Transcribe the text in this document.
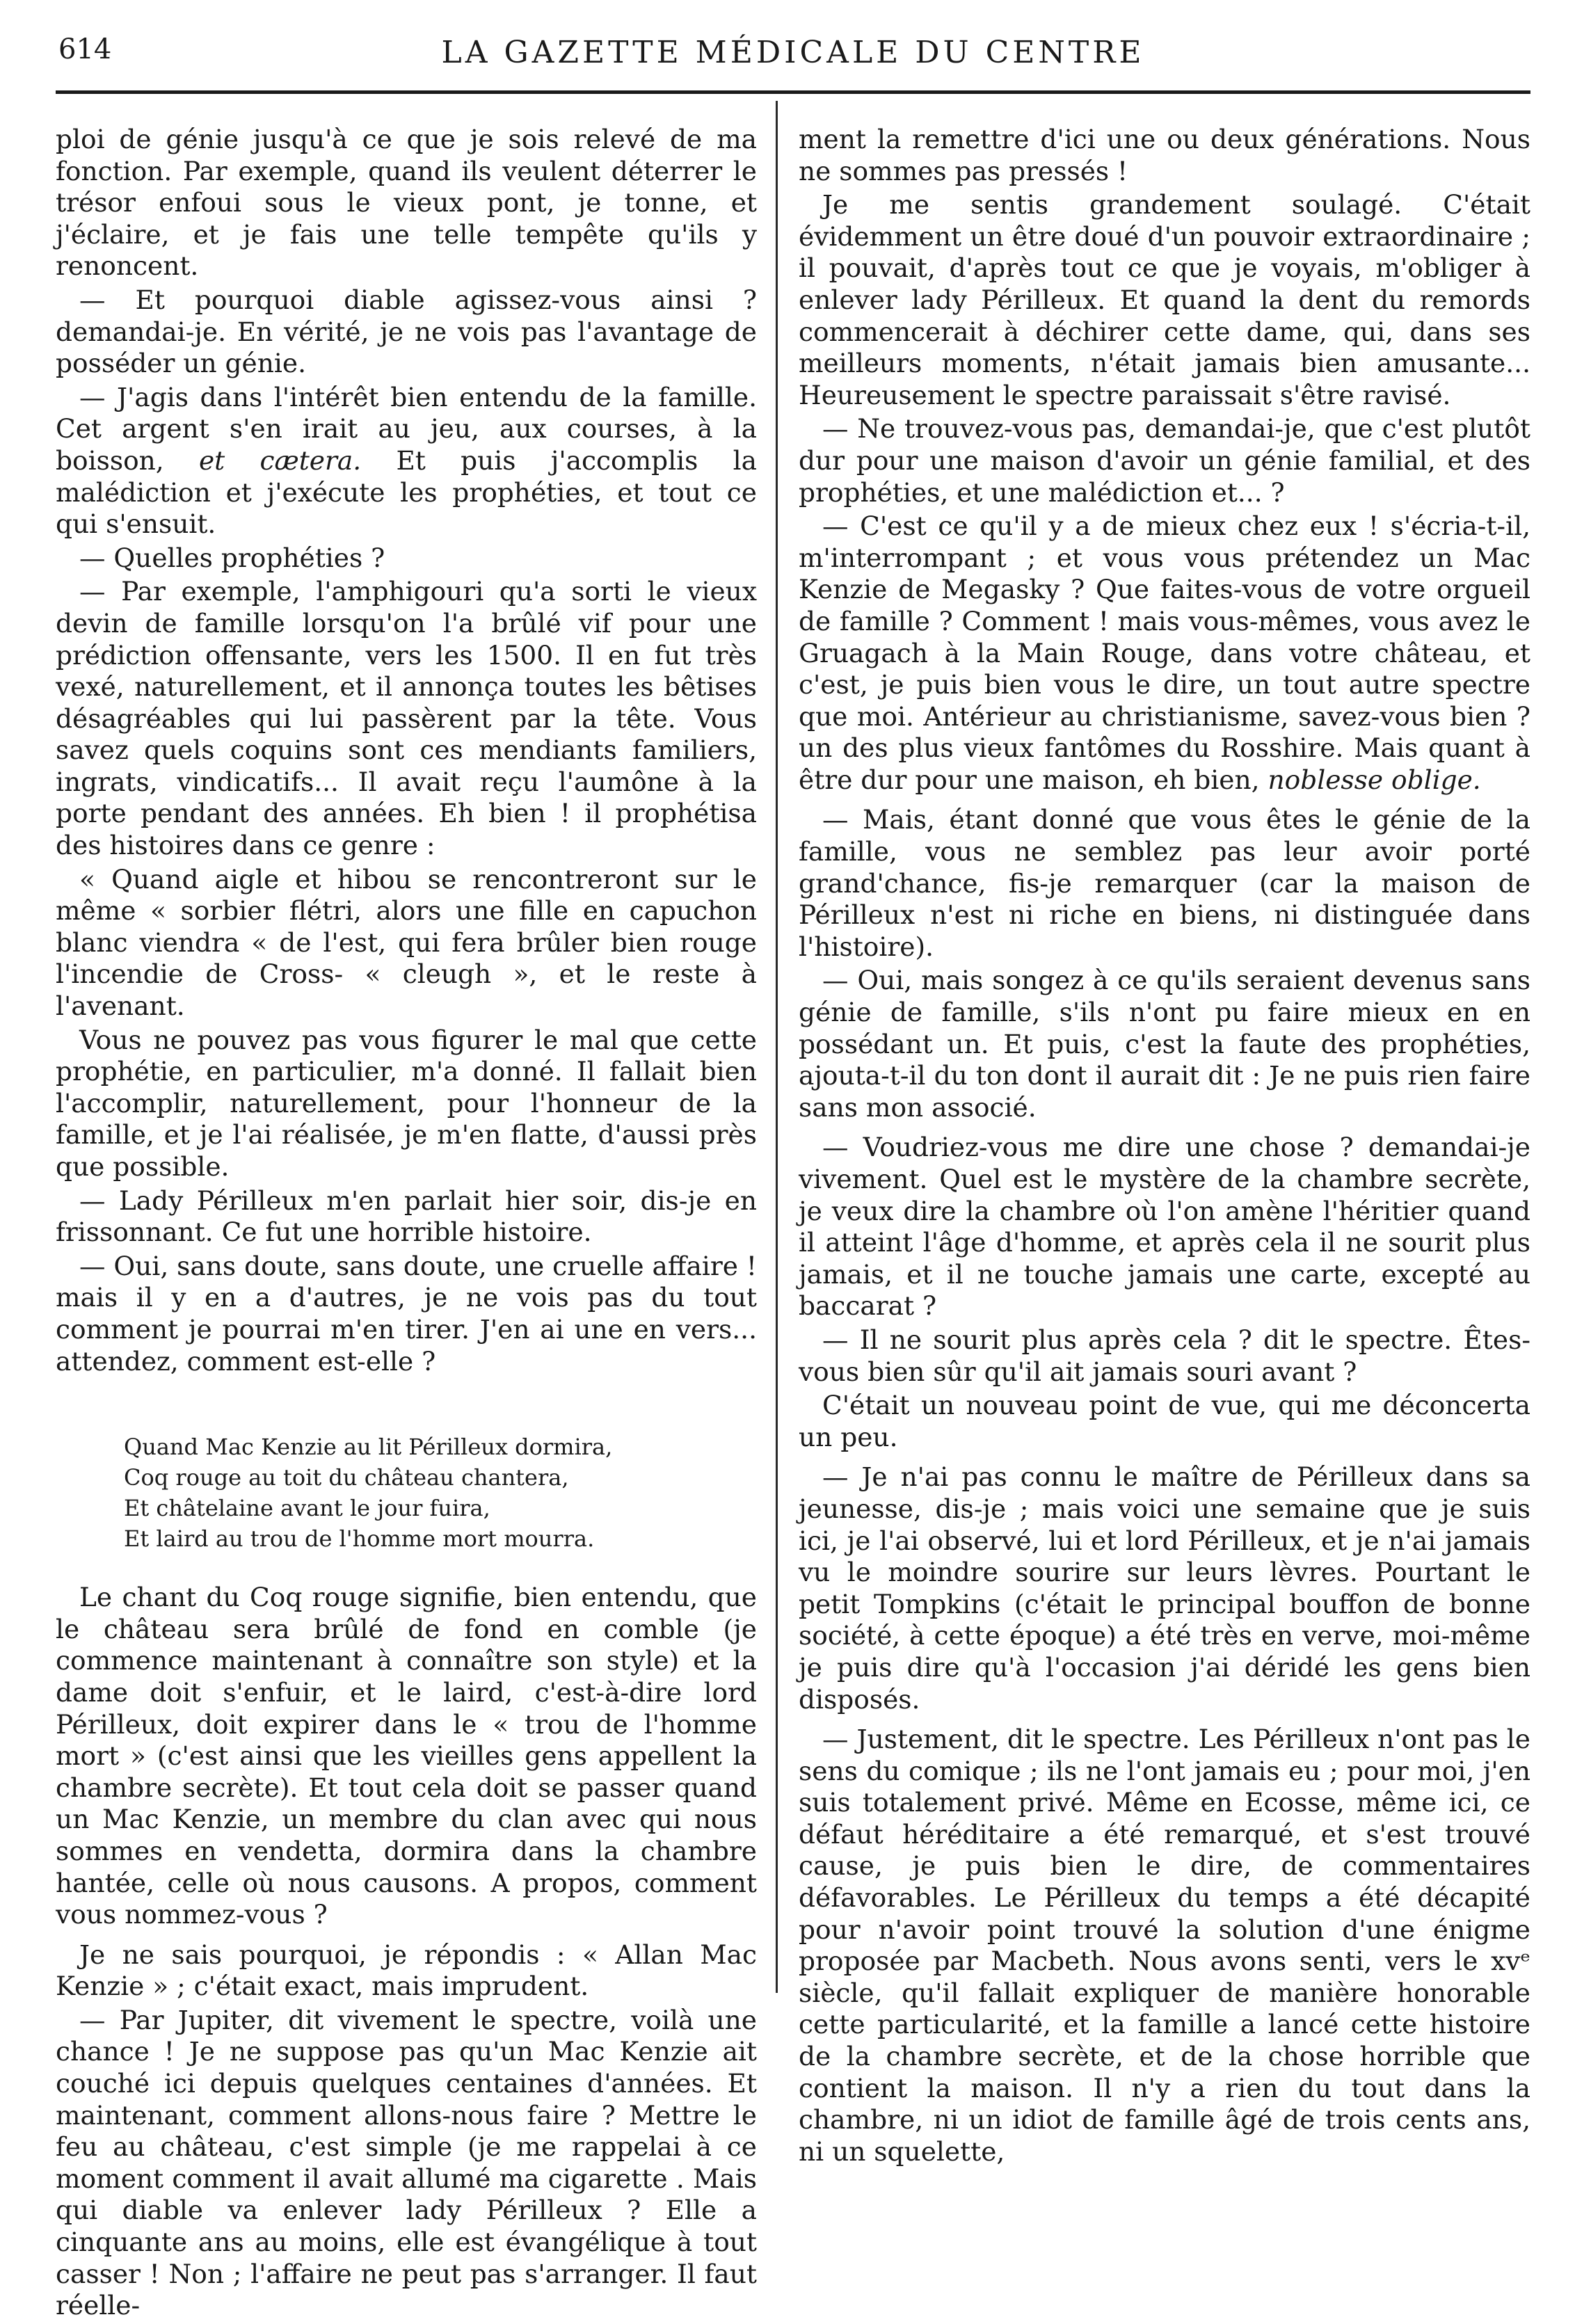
614	LA GAZETTE MÉDICALE DU CENTRE

ploi de génie jusqu'à ce que je sois relevé de ma fonction. Par exemple, quand ils veulent déterrer le trésor enfoui sous le vieux pont, je tonne, et j'éclaire, et je fais une telle tempête qu'ils y renoncent.

— Et pourquoi diable agissez-vous ainsi ? demandai-je. En vérité, je ne vois pas l'avantage de posséder un génie.

— J'agis dans l'intérêt bien entendu de la famille. Cet argent s'en irait au jeu, aux courses, à la boisson, et cætera. Et puis j'accomplis la malédiction et j'exécute les prophéties, et tout ce qui s'ensuit.

— Quelles prophéties ?

— Par exemple, l'amphigouri qu'a sorti le vieux devin de famille lorsqu'on l'a brûlé vif pour une prédiction offensante, vers les 1500. Il en fut très vexé, naturellement, et il annonça toutes les bêtises désagréables qui lui passèrent par la tête. Vous savez quels coquins sont ces mendiants familiers, ingrats, vindicatifs... Il avait reçu l'aumône à la porte pendant des années. Eh bien ! il prophétisa des histoires dans ce genre :

« Quand aigle et hibou se rencontreront sur le même « sorbier flétri, alors une fille en capuchon blanc viendra « de l'est, qui fera brûler bien rouge l'incendie de Cross- « cleugh », et le reste à l'avenant.

Vous ne pouvez pas vous figurer le mal que cette prophétie, en particulier, m'a donné. Il fallait bien l'accomplir, naturellement, pour l'honneur de la famille, et je l'ai réalisée, je m'en flatte, d'aussi près que possible.

— Lady Périlleux m'en parlait hier soir, dis-je en frissonnant. Ce fut une horrible histoire.

— Oui, sans doute, sans doute, une cruelle affaire ! mais il y en a d'autres, je ne vois pas du tout comment je pourrai m'en tirer. J'en ai une en vers... attendez, comment est-elle ?

Quand Mac Kenzie au lit Périlleux dormira,
Coq rouge au toit du château chantera,
Et châtelaine avant le jour fuira,
Et laird au trou de l'homme mort mourra.

Le chant du Coq rouge signifie, bien entendu, que le château sera brûlé de fond en comble (je commence maintenant à connaître son style) et la dame doit s'enfuir, et le laird, c'est-à-dire lord Périlleux, doit expirer dans le « trou de l'homme mort » (c'est ainsi que les vieilles gens appellent la chambre secrète). Et tout cela doit se passer quand un Mac Kenzie, un membre du clan avec qui nous sommes en vendetta, dormira dans la chambre hantée, celle où nous causons. A propos, comment vous nommez-vous ?

Je ne sais pourquoi, je répondis : « Allan Mac Kenzie » ; c'était exact, mais imprudent.

— Par Jupiter, dit vivement le spectre, voilà une chance ! Je ne suppose pas qu'un Mac Kenzie ait couché ici depuis quelques centaines d'années. Et maintenant, comment allons-nous faire ? Mettre le feu au château, c'est simple (je me rappelai à ce moment comment il avait allumé ma cigarette . Mais qui diable va enlever lady Périlleux ? Elle a cinquante ans au moins, elle est évangélique à tout casser ! Non ; l'affaire ne peut pas s'arranger. Il faut réelle-

ment la remettre d'ici une ou deux générations. Nous ne sommes pas pressés !

Je me sentis grandement soulagé. C'était évidemment un être doué d'un pouvoir extraordinaire ; il pouvait, d'après tout ce que je voyais, m'obliger à enlever lady Périlleux. Et quand la dent du remords commencerait à déchirer cette dame, qui, dans ses meilleurs moments, n'était jamais bien amusante... Heureusement le spectre paraissait s'être ravisé.

— Ne trouvez-vous pas, demandai-je, que c'est plutôt dur pour une maison d'avoir un génie familial, et des prophéties, et une malédiction et... ?

— C'est ce qu'il y a de mieux chez eux ! s'écria-t-il, m'interrompant ; et vous vous prétendez un Mac Kenzie de Megasky ? Que faites-vous de votre orgueil de famille ? Comment ! mais vous-mêmes, vous avez le Gruagach à la Main Rouge, dans votre château, et c'est, je puis bien vous le dire, un tout autre spectre que moi. Antérieur au christianisme, savez-vous bien ? un des plus vieux fantômes du Rosshire. Mais quant à être dur pour une maison, eh bien, noblesse oblige.

— Mais, étant donné que vous êtes le génie de la famille, vous ne semblez pas leur avoir porté grand'chance, fis-je remarquer (car la maison de Périlleux n'est ni riche en biens, ni distinguée dans l'histoire).

— Oui, mais songez à ce qu'ils seraient devenus sans génie de famille, s'ils n'ont pu faire mieux en en possédant un. Et puis, c'est la faute des prophéties, ajouta-t-il du ton dont il aurait dit : Je ne puis rien faire sans mon associé.

— Voudriez-vous me dire une chose ? demandai-je vivement. Quel est le mystère de la chambre secrète, je veux dire la chambre où l'on amène l'héritier quand il atteint l'âge d'homme, et après cela il ne sourit plus jamais, et il ne touche jamais une carte, excepté au baccarat ?

— Il ne sourit plus après cela ? dit le spectre. Êtes-vous bien sûr qu'il ait jamais souri avant ?

C'était un nouveau point de vue, qui me déconcerta un peu.

— Je n'ai pas connu le maître de Périlleux dans sa jeunesse, dis-je ; mais voici une semaine que je suis ici, je l'ai observé, lui et lord Périlleux, et je n'ai jamais vu le moindre sourire sur leurs lèvres. Pourtant le petit Tompkins (c'était le principal bouffon de bonne société, à cette époque) a été très en verve, moi-même je puis dire qu'à l'occasion j'ai déridé les gens bien disposés.

— Justement, dit le spectre. Les Périlleux n'ont pas le sens du comique ; ils ne l'ont jamais eu ; pour moi, j'en suis totalement privé. Même en Ecosse, même ici, ce défaut héréditaire a été remarqué, et s'est trouvé cause, je puis bien le dire, de commentaires défavorables. Le Périlleux du temps a été décapité pour n'avoir point trouvé la solution d'une énigme proposée par Macbeth. Nous avons senti, vers le xvᵉ siècle, qu'il fallait expliquer de manière honorable cette particularité, et la famille a lancé cette histoire de la chambre secrète, et de la chose horrible que contient la maison. Il n'y a rien du tout dans la chambre, ni un idiot de famille âgé de trois cents ans, ni un squelette,
